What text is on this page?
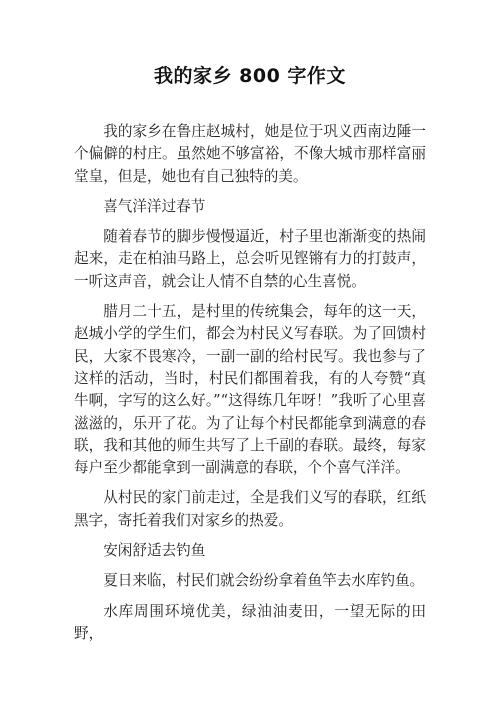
我的家乡 800 字作文

我的家乡在鲁庄赵城村，她是位于巩义西南边陲一个偏僻的村庄。虽然她不够富裕，不像大城市那样富丽堂皇，但是，她也有自己独特的美。

喜气洋洋过春节

随着春节的脚步慢慢逼近，村子里也渐渐变的热闹起来，走在柏油马路上，总会听见铿锵有力的打鼓声，一听这声音，就会让人情不自禁的心生喜悦。

腊月二十五，是村里的传统集会，每年的这一天，赵城小学的学生们，都会为村民义写春联。为了回馈村民，大家不畏寒冷，一副一副的给村民写。我也参与了这样的活动，当时，村民们都围着我，有的人夸赞“真牛啊，字写的这么好。”“这得练几年呀！”我听了心里喜滋滋的，乐开了花。为了让每个村民都能拿到满意的春联，我和其他的师生共写了上千副的春联。最终，每家每户至少都能拿到一副满意的春联，个个喜气洋洋。

从村民的家门前走过，全是我们义写的春联，红纸黑字，寄托着我们对家乡的热爱。

安闲舒适去钓鱼

夏日来临，村民们就会纷纷拿着鱼竿去水库钓鱼。

水库周围环境优美，绿油油麦田，一望无际的田野，
